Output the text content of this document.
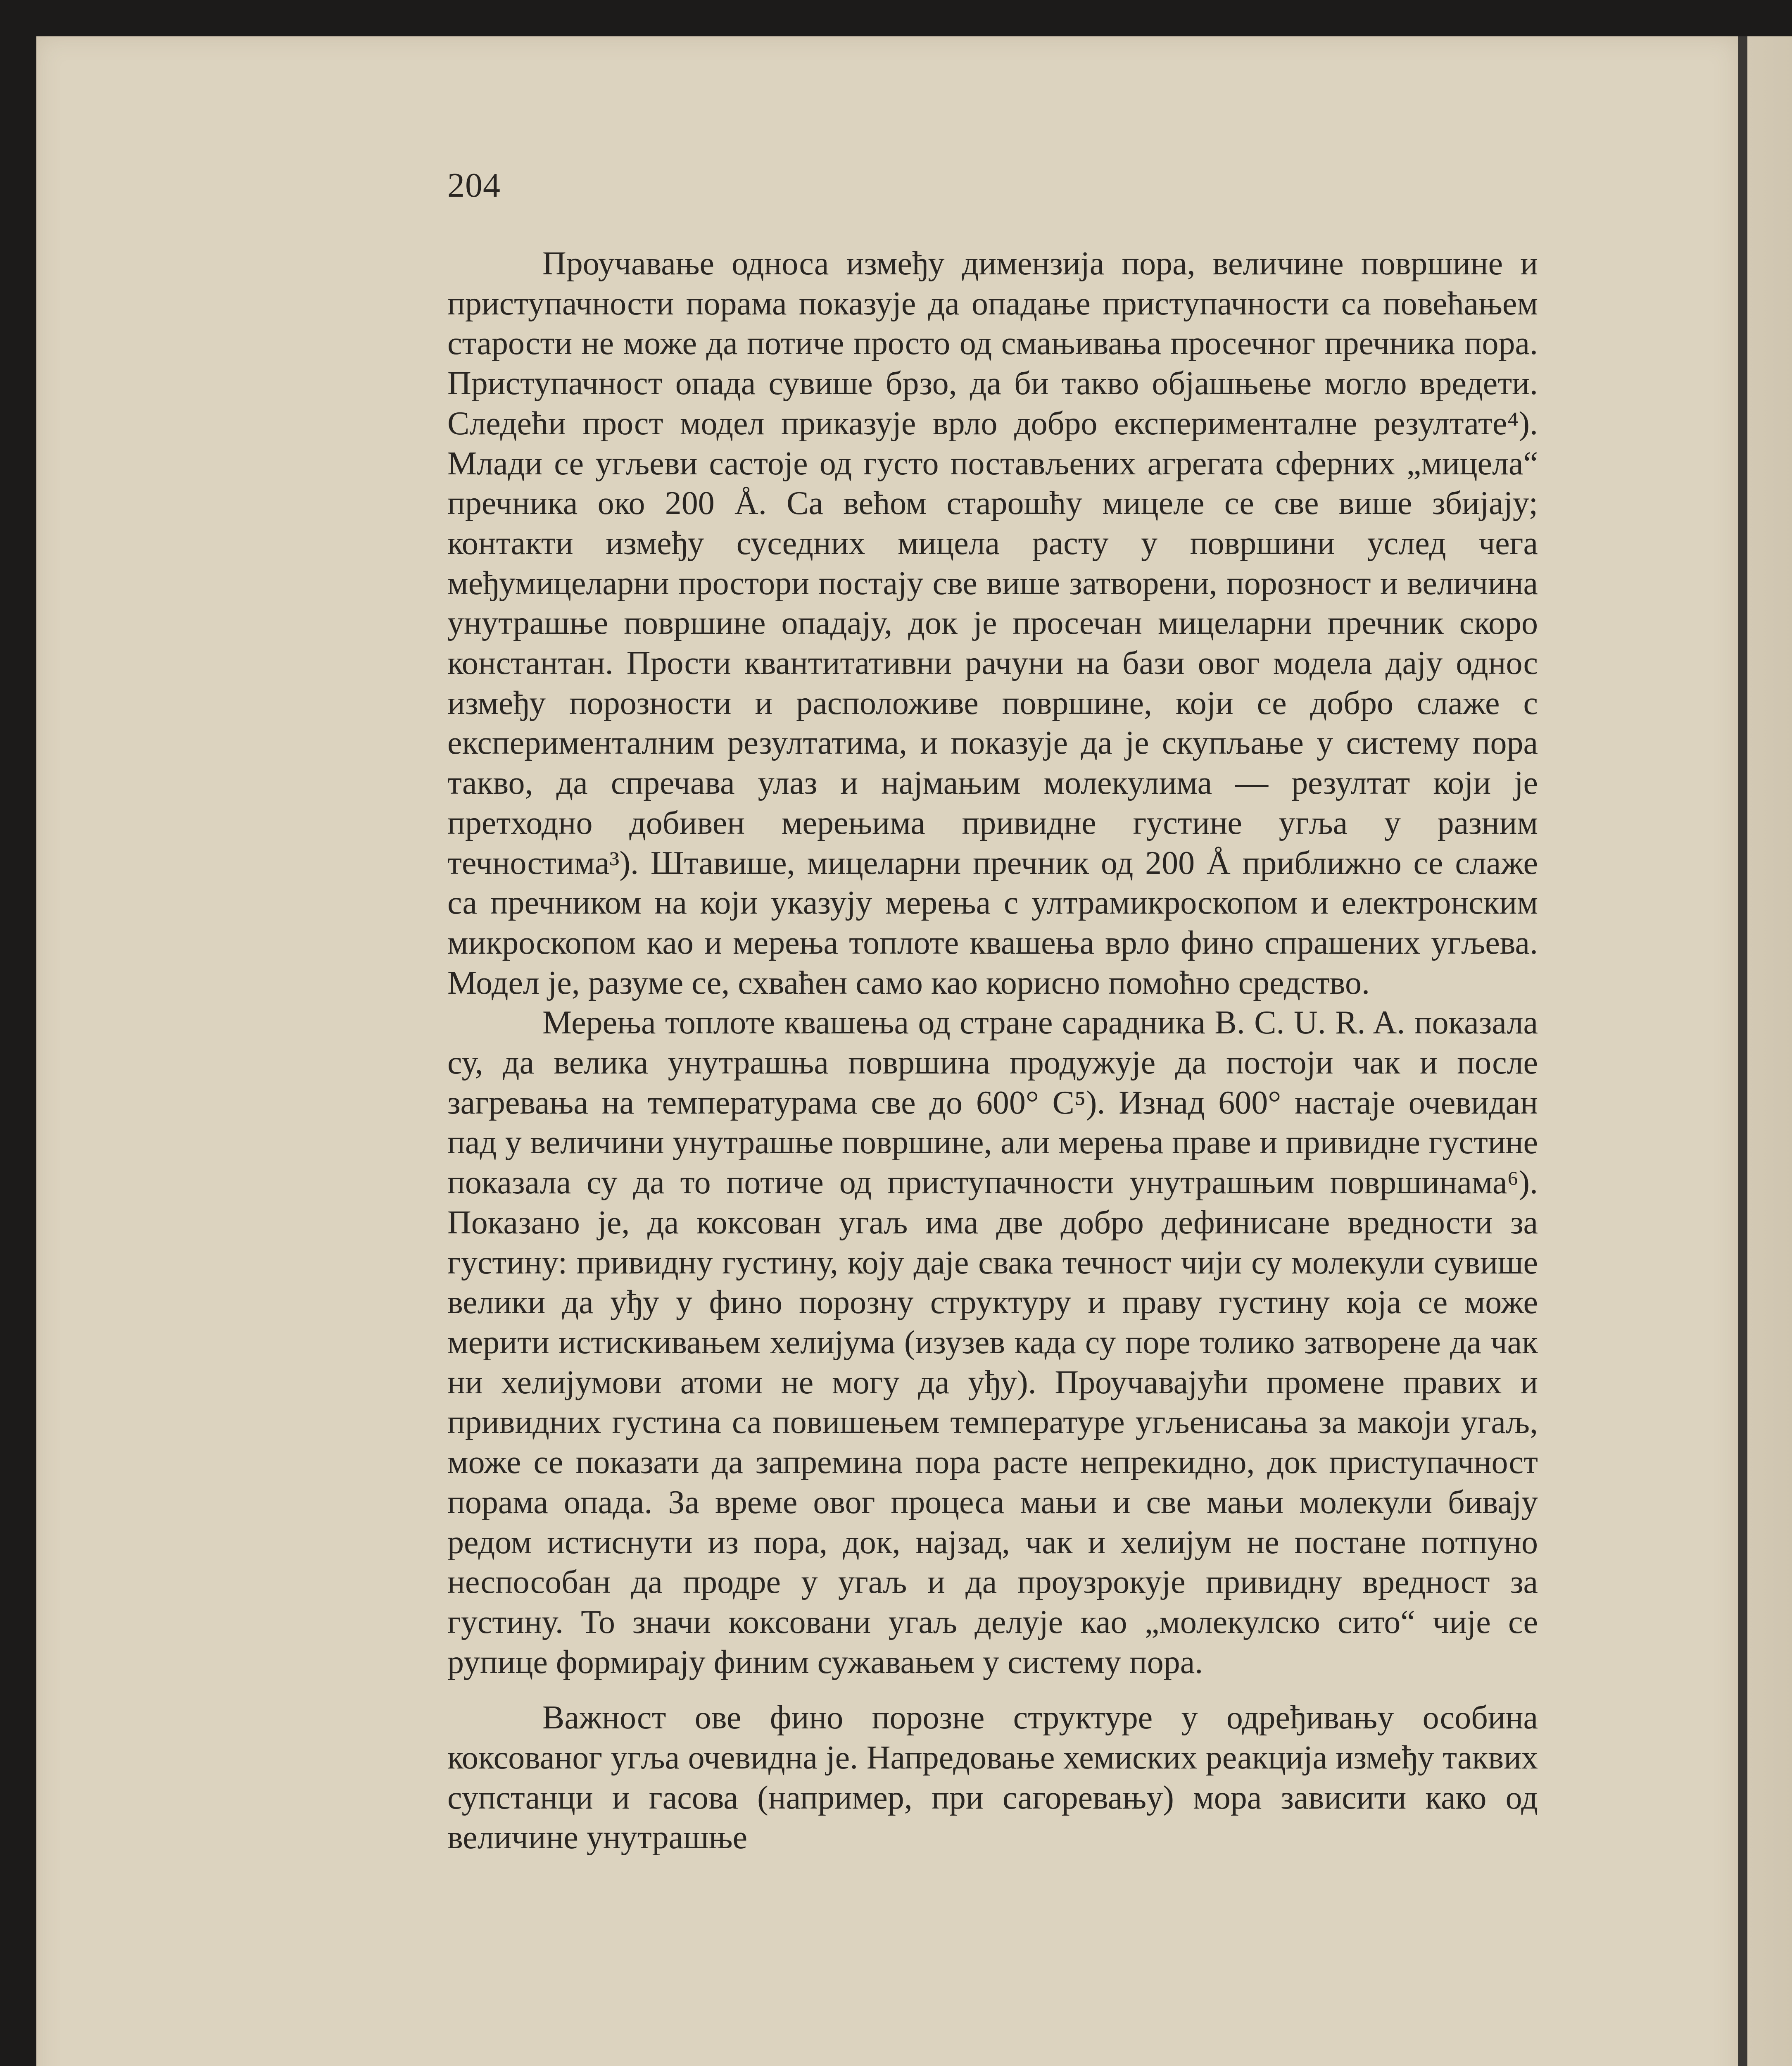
204

Проучавање односа између димензија пора, величине површине и приступачности порама показује да опадање приступачности са повећањем старости не може да потиче просто од смањивања просечног пречника пора. Приступачност опада сувише брзо, да би такво објашњење могло вредети. Следећи прост модел приказује врло добро експерименталне резултате⁴). Млади се угљеви састоје од густо постављених агрегата сферних „мицела“ пречника око 200 Å. Са већом старошћу мицеле се све више збијају; контакти између суседних мицела расту у површини услед чега међумицеларни простори постају све више затворени, порозност и величина унутрашње површине опадају, док је просечан мицеларни пречник скоро константан. Прости квантитативни рачуни на бази овог модела дају однос између порозности и расположиве површине, који се добро слаже с експерименталним резултатима, и показује да је скупљање у систему пора такво, да спречава улаз и најмањим молекулима — резултат који је претходно добивен мерењима привидне густине угља у разним течностима³). Штавише, мицеларни пречник од 200 Å приближно се слаже са пречником на који указују мерења с ултрамикроскопом и електронским микроскопом као и мерења топлоте квашења врло фино спрашених угљева. Модел је, разуме се, схваћен само као корисно помоћно средство.

Мерења топлоте квашења од стране сарадника B. C. U. R. A. показала су, да велика унутрашња површина продужује да постоји чак и после загревања на температурама све до 600° C⁵). Изнад 600° настаје очевидан пад у величини унутрашње површине, али мерења праве и привидне густине показала су да то потиче од приступачности унутрашњим површинама⁶). Показано је, да коксован угаљ има две добро дефинисане вредности за густину: привидну густину, коју даје свака течност чији су молекули сувише велики да уђу у фино порозну структуру и праву густину која се може мерити истискивањем хелијума (изузев када су поре толико затворене да чак ни хелијумови атоми не могу да уђу). Проучавајући промене правих и привидних густина са повишењем температуре угљенисања за макоји угаљ, може се показати да запремина пора расте непрекидно, док приступачност порама опада. За време овог процеса мањи и све мањи молекули бивају редом истиснути из пора, док, најзад, чак и хелијум не постане потпуно неспособан да продре у угаљ и да проузрокује привидну вредност за густину. То значи коксовани угаљ делује као „молекулско сито“ чије се рупице формирају финим сужавањем у систему пора.

Важност ове фино порозне структуре у одређивању особина коксованог угља очевидна је. Напредовање хемиских реакција између таквих супстанци и гасова (например, при сагоревању) мора зависити како од величине унутрашње
